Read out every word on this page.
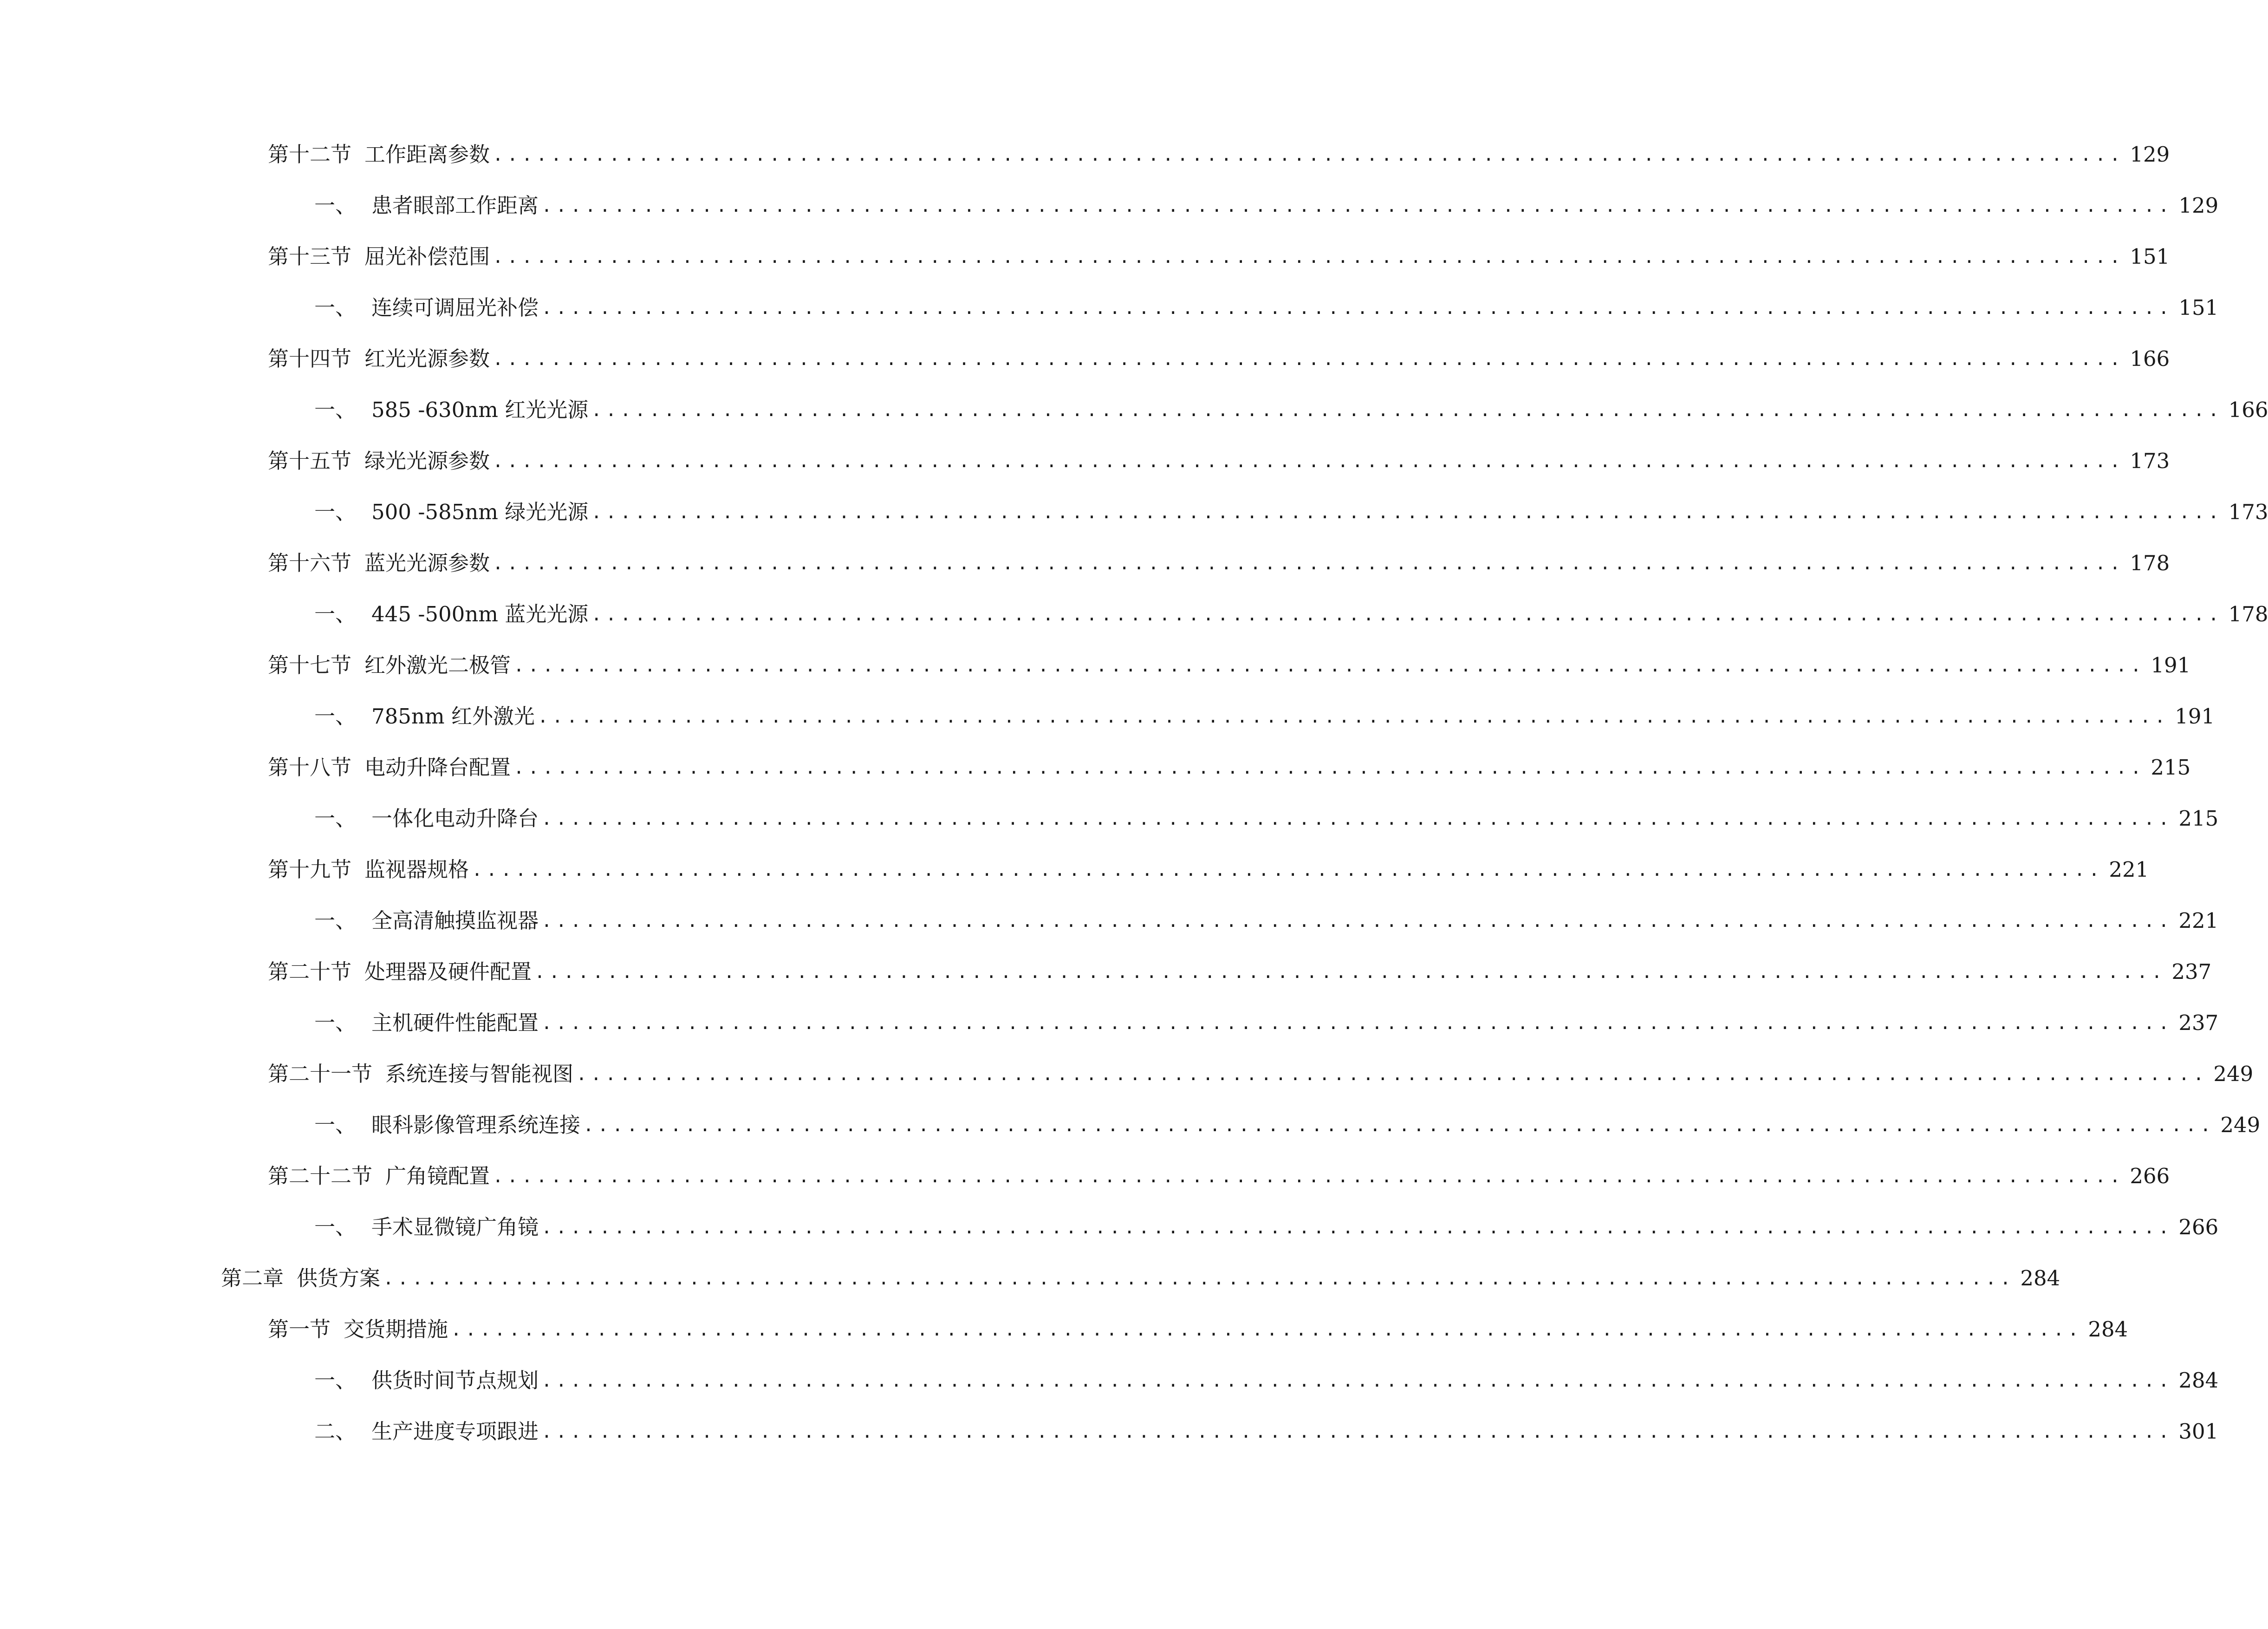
第十二节 工作距离参数 ................................................................................................................ 129
一、 患者眼部工作距离 ................................................................................................................ 129
第十三节 屈光补偿范围 ................................................................................................................ 151
一、 连续可调屈光补偿 ................................................................................................................ 151
第十四节 红光光源参数 ................................................................................................................ 166
一、 585 -630nm 红光光源 ................................................................................................................ 166
第十五节 绿光光源参数 ................................................................................................................ 173
一、 500 -585nm 绿光光源 ................................................................................................................ 173
第十六节 蓝光光源参数 ................................................................................................................ 178
一、 445 -500nm 蓝光光源 ................................................................................................................ 178
第十七节 红外激光二极管 ................................................................................................................ 191
一、 785nm 红外激光 ................................................................................................................ 191
第十八节 电动升降台配置 ................................................................................................................ 215
一、 一体化电动升降台 ................................................................................................................ 215
第十九节 监视器规格 ................................................................................................................ 221
一、 全高清触摸监视器 ................................................................................................................ 221
第二十节 处理器及硬件配置 ................................................................................................................ 237
一、 主机硬件性能配置 ................................................................................................................ 237
第二十一节 系统连接与智能视图 ................................................................................................................ 249
一、 眼科影像管理系统连接 ................................................................................................................ 249
第二十二节 广角镜配置 ................................................................................................................ 266
一、 手术显微镜广角镜 ................................................................................................................ 266
第二章 供货方案 ................................................................................................................ 284
第一节 交货期措施 ................................................................................................................ 284
一、 供货时间节点规划 ................................................................................................................ 284
二、 生产进度专项跟进 ................................................................................................................ 301
